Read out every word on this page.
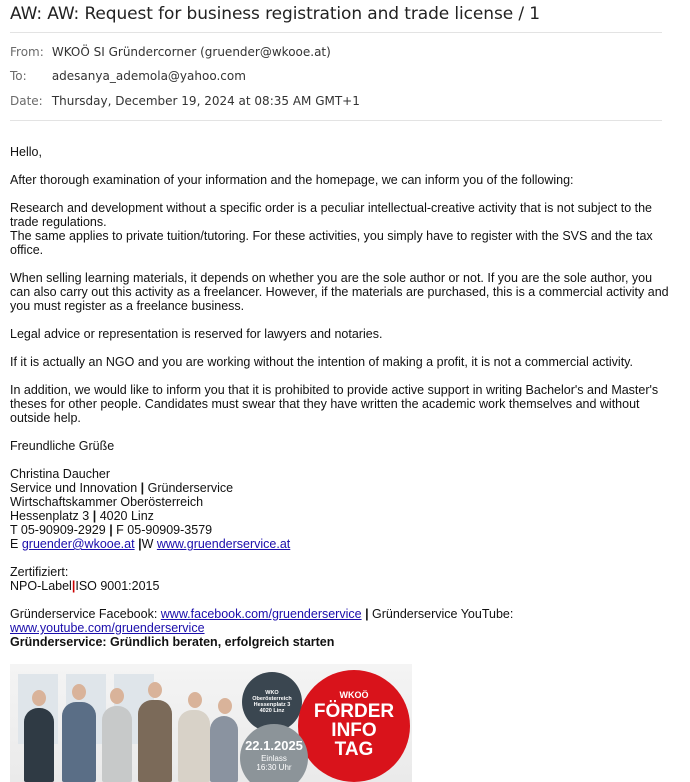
AW: AW: Request for business registration and trade license / 1
From: WKOÖ SI Gründercorner (gruender@wkooe.at)
To: adesanya_ademola@yahoo.com
Date: Thursday, December 19, 2024 at 08:35 AM GMT+1

Hello,

After thorough examination of your information and the homepage, we can inform you of the following:

Research and development without a specific order is a peculiar intellectual-creative activity that is not subject to the trade regulations.

The same applies to private tuition/tutoring. For these activities, you simply have to register with the SVS and the tax office.

When selling learning materials, it depends on whether you are the sole author or not. If you are the sole author, you can also carry out this activity as a freelancer. However, if the materials are purchased, this is a commercial activity and you must register as a freelance business.

Legal advice or representation is reserved for lawyers and notaries.

If it is actually an NGO and you are working without the intention of making a profit, it is not a commercial activity.

In addition, we would like to inform you that it is prohibited to provide active support in writing Bachelor's and Master's theses for other people. Candidates must swear that they have written the academic work themselves and without outside help.

Freundliche Grüße

Christina Daucher

Service und Innovation | Gründerservice

Wirtschaftskammer Oberösterreich

Hessenplatz 3 | 4020 Linz

T 05-90909-2929 | F 05-90909-3579

E gruender@wkooe.at |W www.gruenderservice.at

Zertifiziert:

NPO-Label|ISO 9001:2015

Gründerservice Facebook: www.facebook.com/gruenderservice | Gründerservice YouTube: www.youtube.com/gruenderservice

Gründerservice: Gründlich beraten, erfolgreich starten

WKO Oberösterreich Hessenplatz 3 4020 Linz
WKOÖ
FÖRDER
INFO
TAG
22.1.2025
Einlass
16:30 Uhr
